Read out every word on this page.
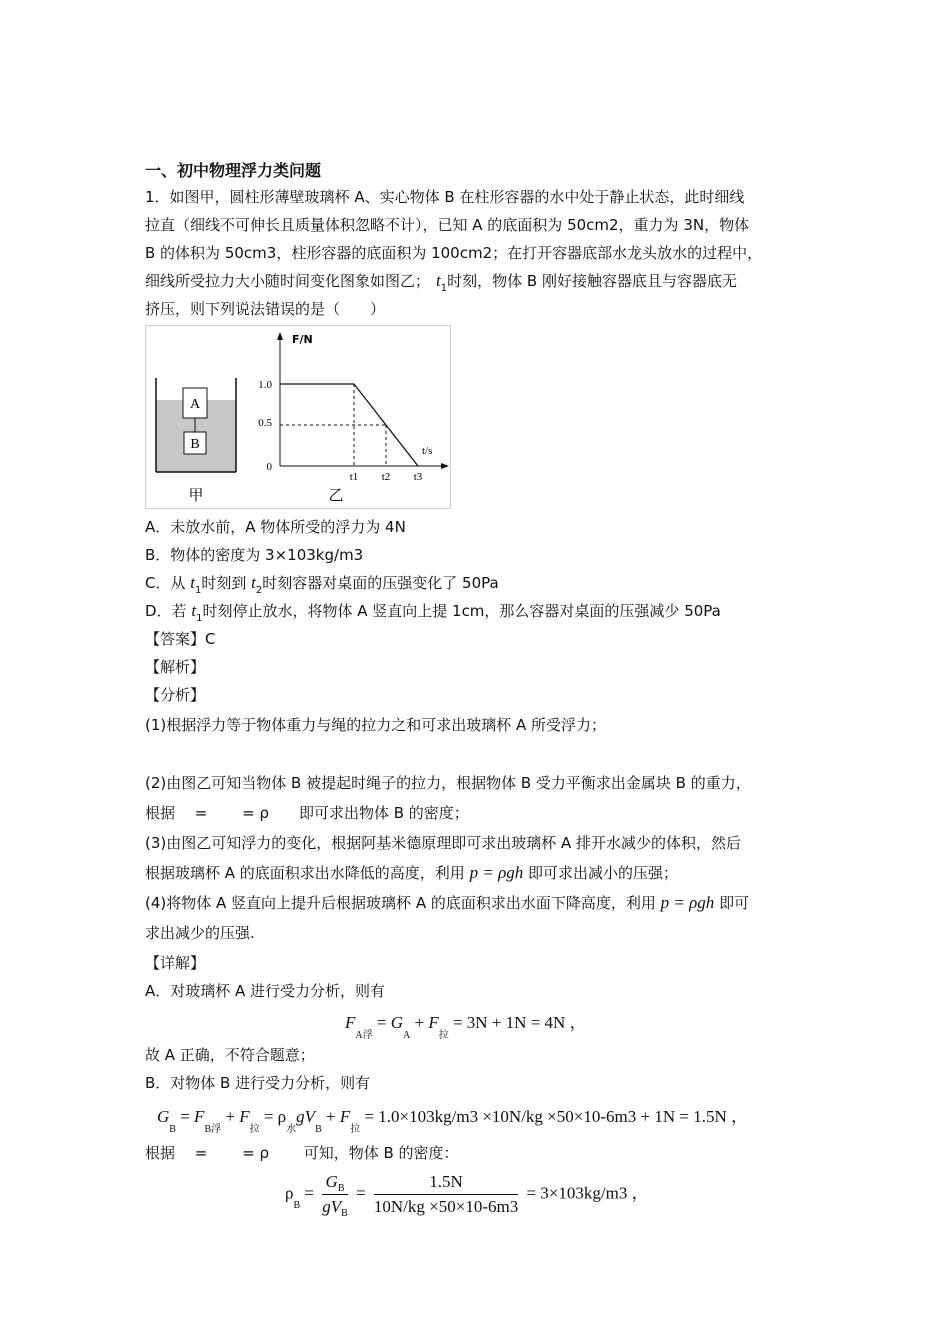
一、初中物理浮力类问题
1．如图甲，圆柱形薄壁玻璃杯 A、实心物体 B 在柱形容器的水中处于静止状态，此时细线
拉直（细线不可伸长且质量体积忽略不计），已知 A 的底面积为 50cm2，重力为 3N，物体
B 的体积为 50cm3，柱形容器的底面积为 100cm2；在打开容器底部水龙头放水的过程中，
细线所受拉力大小随时间变化图象如图乙； $t_1$时刻，物体 B 刚好接触容器底且与容器底无
挤压，则下列说法错误的是（　　）
A
B
甲
F/N
t/s
1.0
0.5
0
t1 t2 t3
乙
A．未放水前，A 物体所受的浮力为 4N
B．物体的密度为 3×103kg/m3
C．从 $t_1$时刻到 $t_2$时刻容器对桌面的压强变化了 50Pa
D．若 $t_1$时刻停止放水，将物体 A 竖直向上提 1cm，那么容器对桌面的压强减少 50Pa
【答案】C
【解析】
【分析】
(1)根据浮力等于物体重力与绳的拉力之和可求出玻璃杯 A 所受浮力；
(2)由图乙可知当物体 B 被提起时绳子的拉力，根据物体 B 受力平衡求出金属块 B 的重力，
根据　 =　　 = ρ　　即可求出物体 B 的密度；
(3)由图乙可知浮力的变化，根据阿基米德原理即可求出玻璃杯 A 排开水减少的体积，然后
根据玻璃杯 A 的底面积求出水降低的高度，利用 p = ρgh 即可求出减小的压强；
(4)将物体 A 竖直向上提升后根据玻璃杯 A 的底面积求出水面下降高度，利用 p = ρgh 即可
求出减少的压强.
【详解】
A．对玻璃杯 A 进行受力分析，则有
$F_{A浮} = G_A + F_拉 = 3N + 1N = 4N$ ，
故 A 正确，不符合题意；
B．对物体 B 进行受力分析，则有
$G_B = F_{B浮} + F_拉 = \rho_水gV_B + F_拉 = 1.0\times 103kg/m3 \times 10N/kg \times 50\times 10-6m3 + 1N = 1.5N$ ，
根据　 =　　 = ρ　　 可知，物体 B 的密度：
$\rho_B = \frac{G_B}{gV_B} = \frac{1.5N}{10N/kg \times 50\times 10-6m3} = 3\times 103kg/m3$ ，
